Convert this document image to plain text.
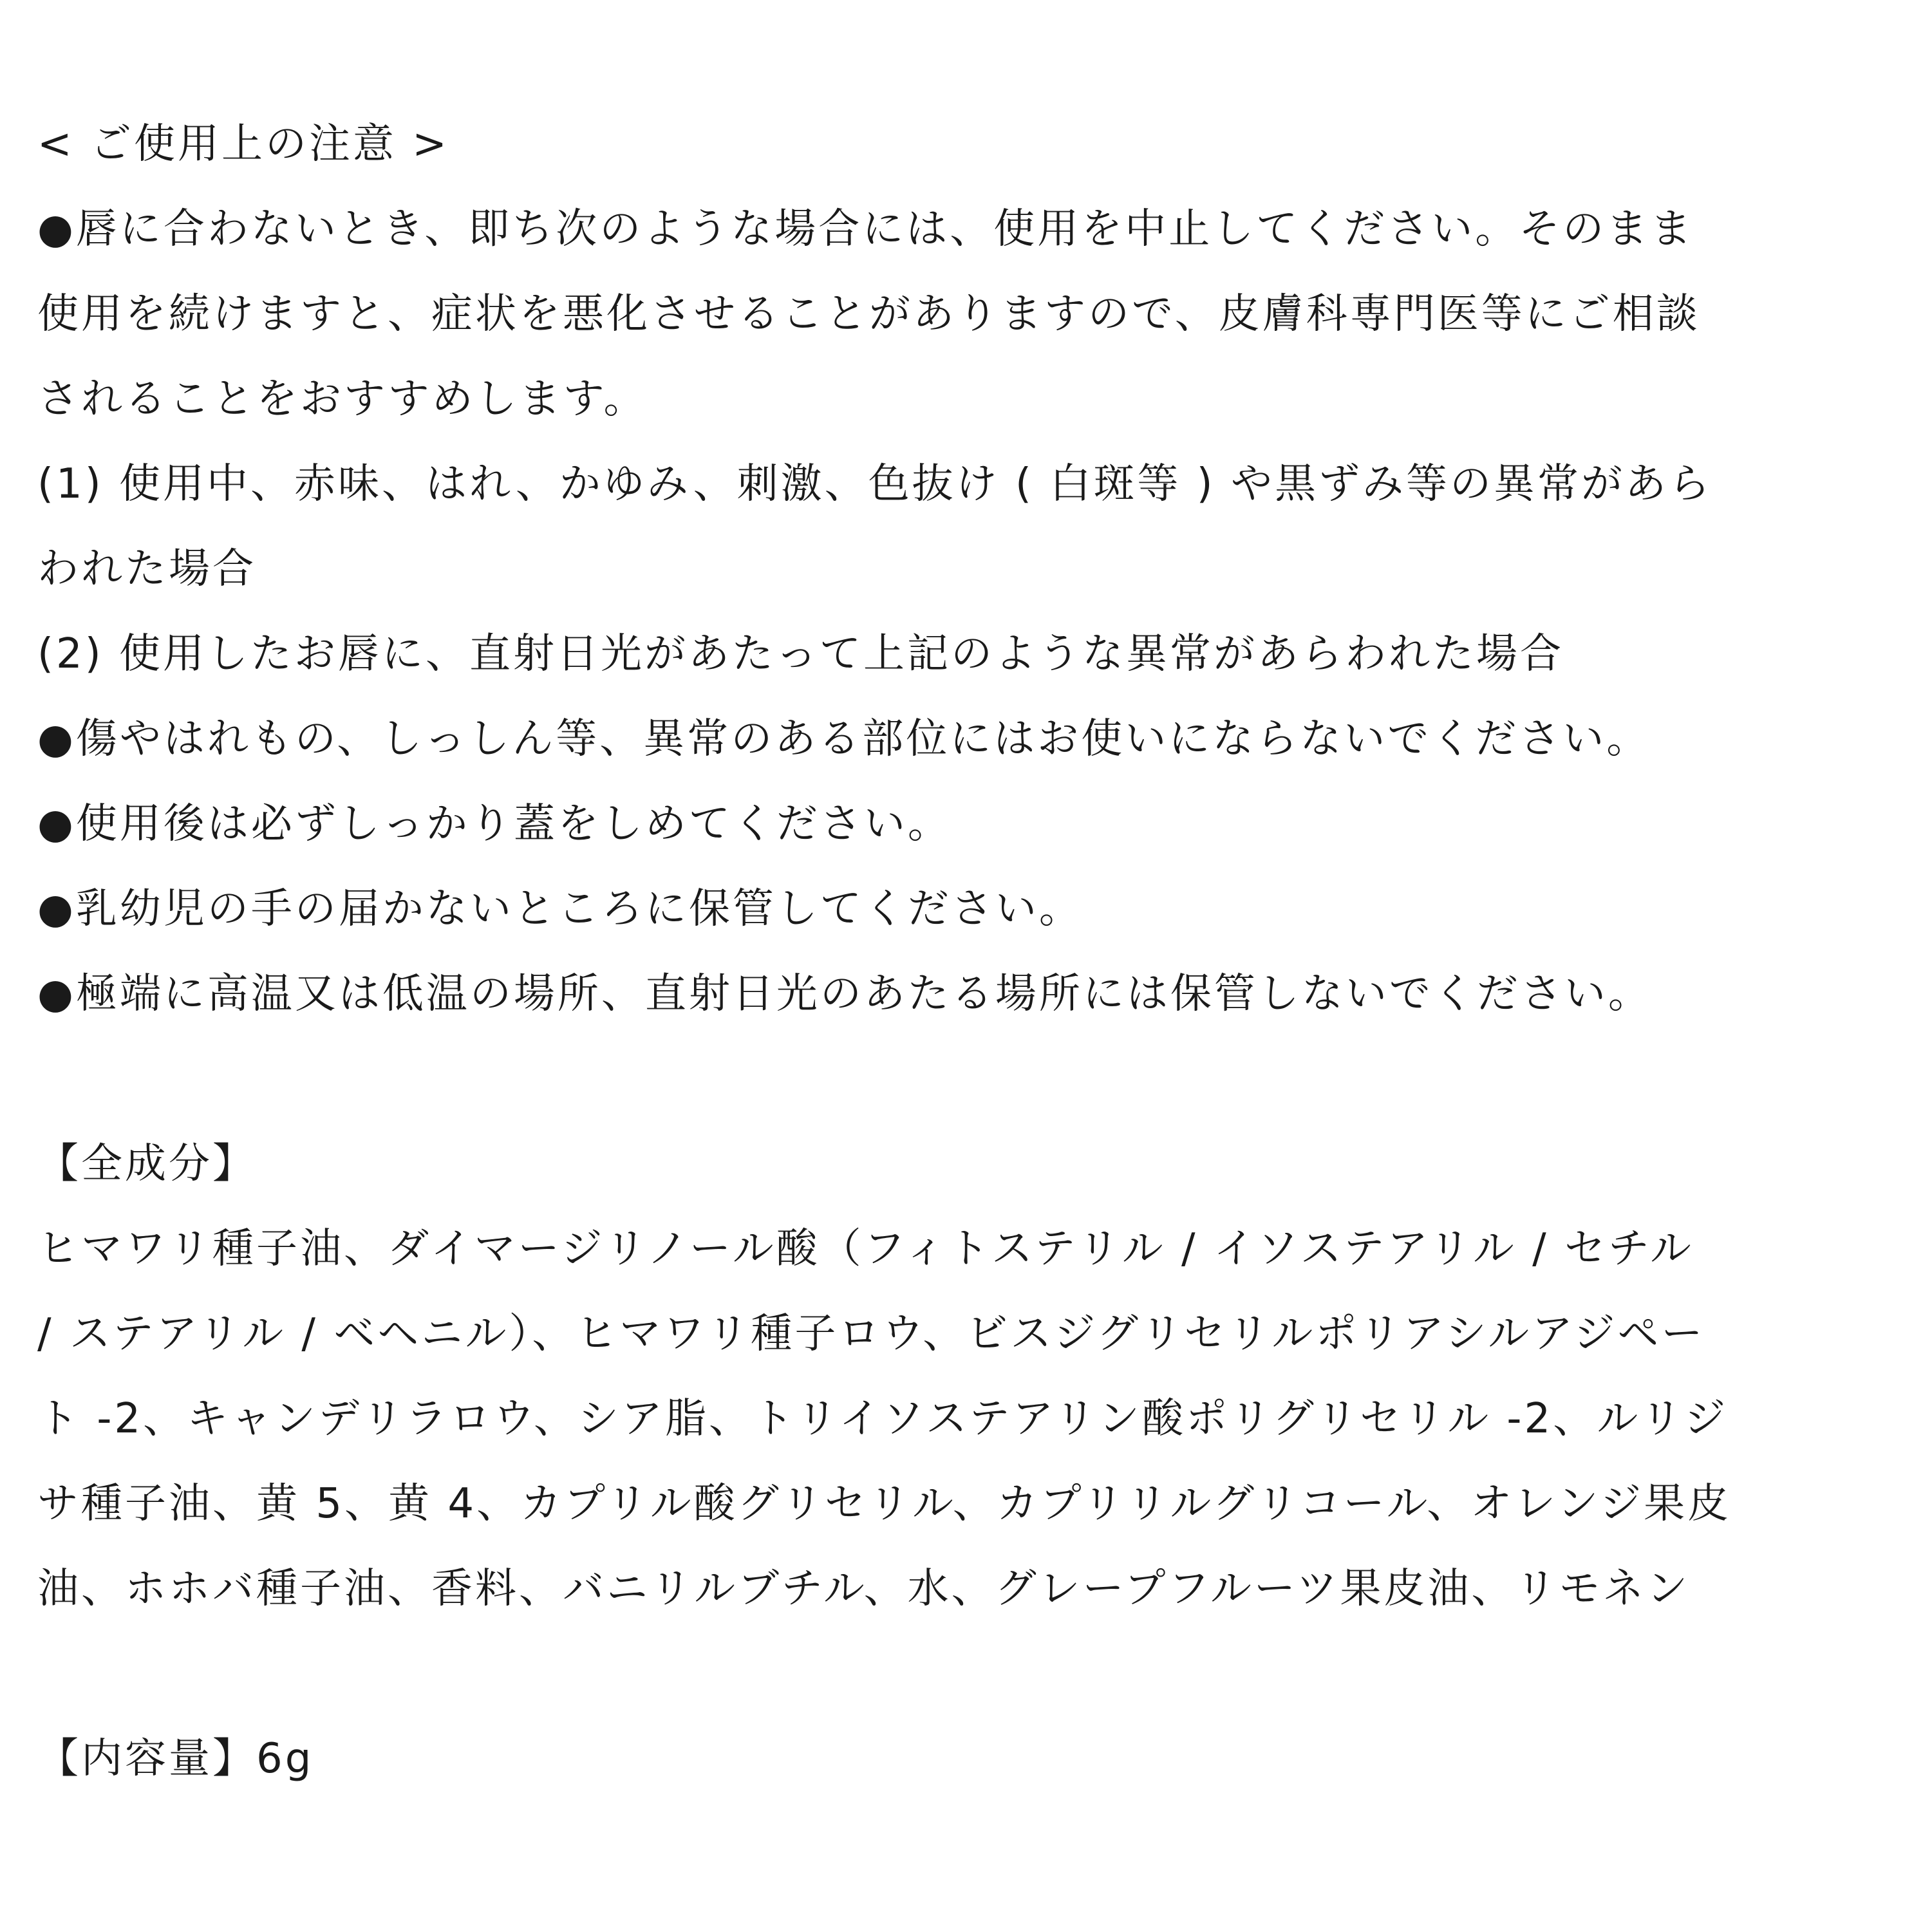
< ご使用上の注意 >
●唇に合わないとき、即ち次のような場合には、使用を中止してください。そのまま
使用を続けますと、症状を悪化させることがありますので、皮膚科専門医等にご相談
されることをおすすめします。
(1) 使用中、赤味、はれ、かゆみ、刺激、色抜け ( 白斑等 ) や黒ずみ等の異常があら
われた場合
(2) 使用したお唇に、直射日光があたって上記のような異常があらわれた場合
●傷やはれもの、しっしん等、異常のある部位にはお使いにならないでください。
●使用後は必ずしっかり蓋をしめてください。
●乳幼児の手の届かないところに保管してください。
●極端に高温又は低温の場所、直射日光のあたる場所には保管しないでください。
【全成分】
ヒマワリ種子油、ダイマージリノール酸（フィトステリル / イソステアリル / セチル
/ ステアリル / ベヘニル）、ヒマワリ種子ロウ、ビスジグリセリルポリアシルアジペー
ト -2、キャンデリラロウ、シア脂、トリイソステアリン酸ポリグリセリル -2、ルリジ
サ種子油、黄 5、黄 4、カプリル酸グリセリル、カプリリルグリコール、オレンジ果皮
油、ホホバ種子油、香料、バニリルブチル、水、グレープフルーツ果皮油、リモネン
【内容量】6g
